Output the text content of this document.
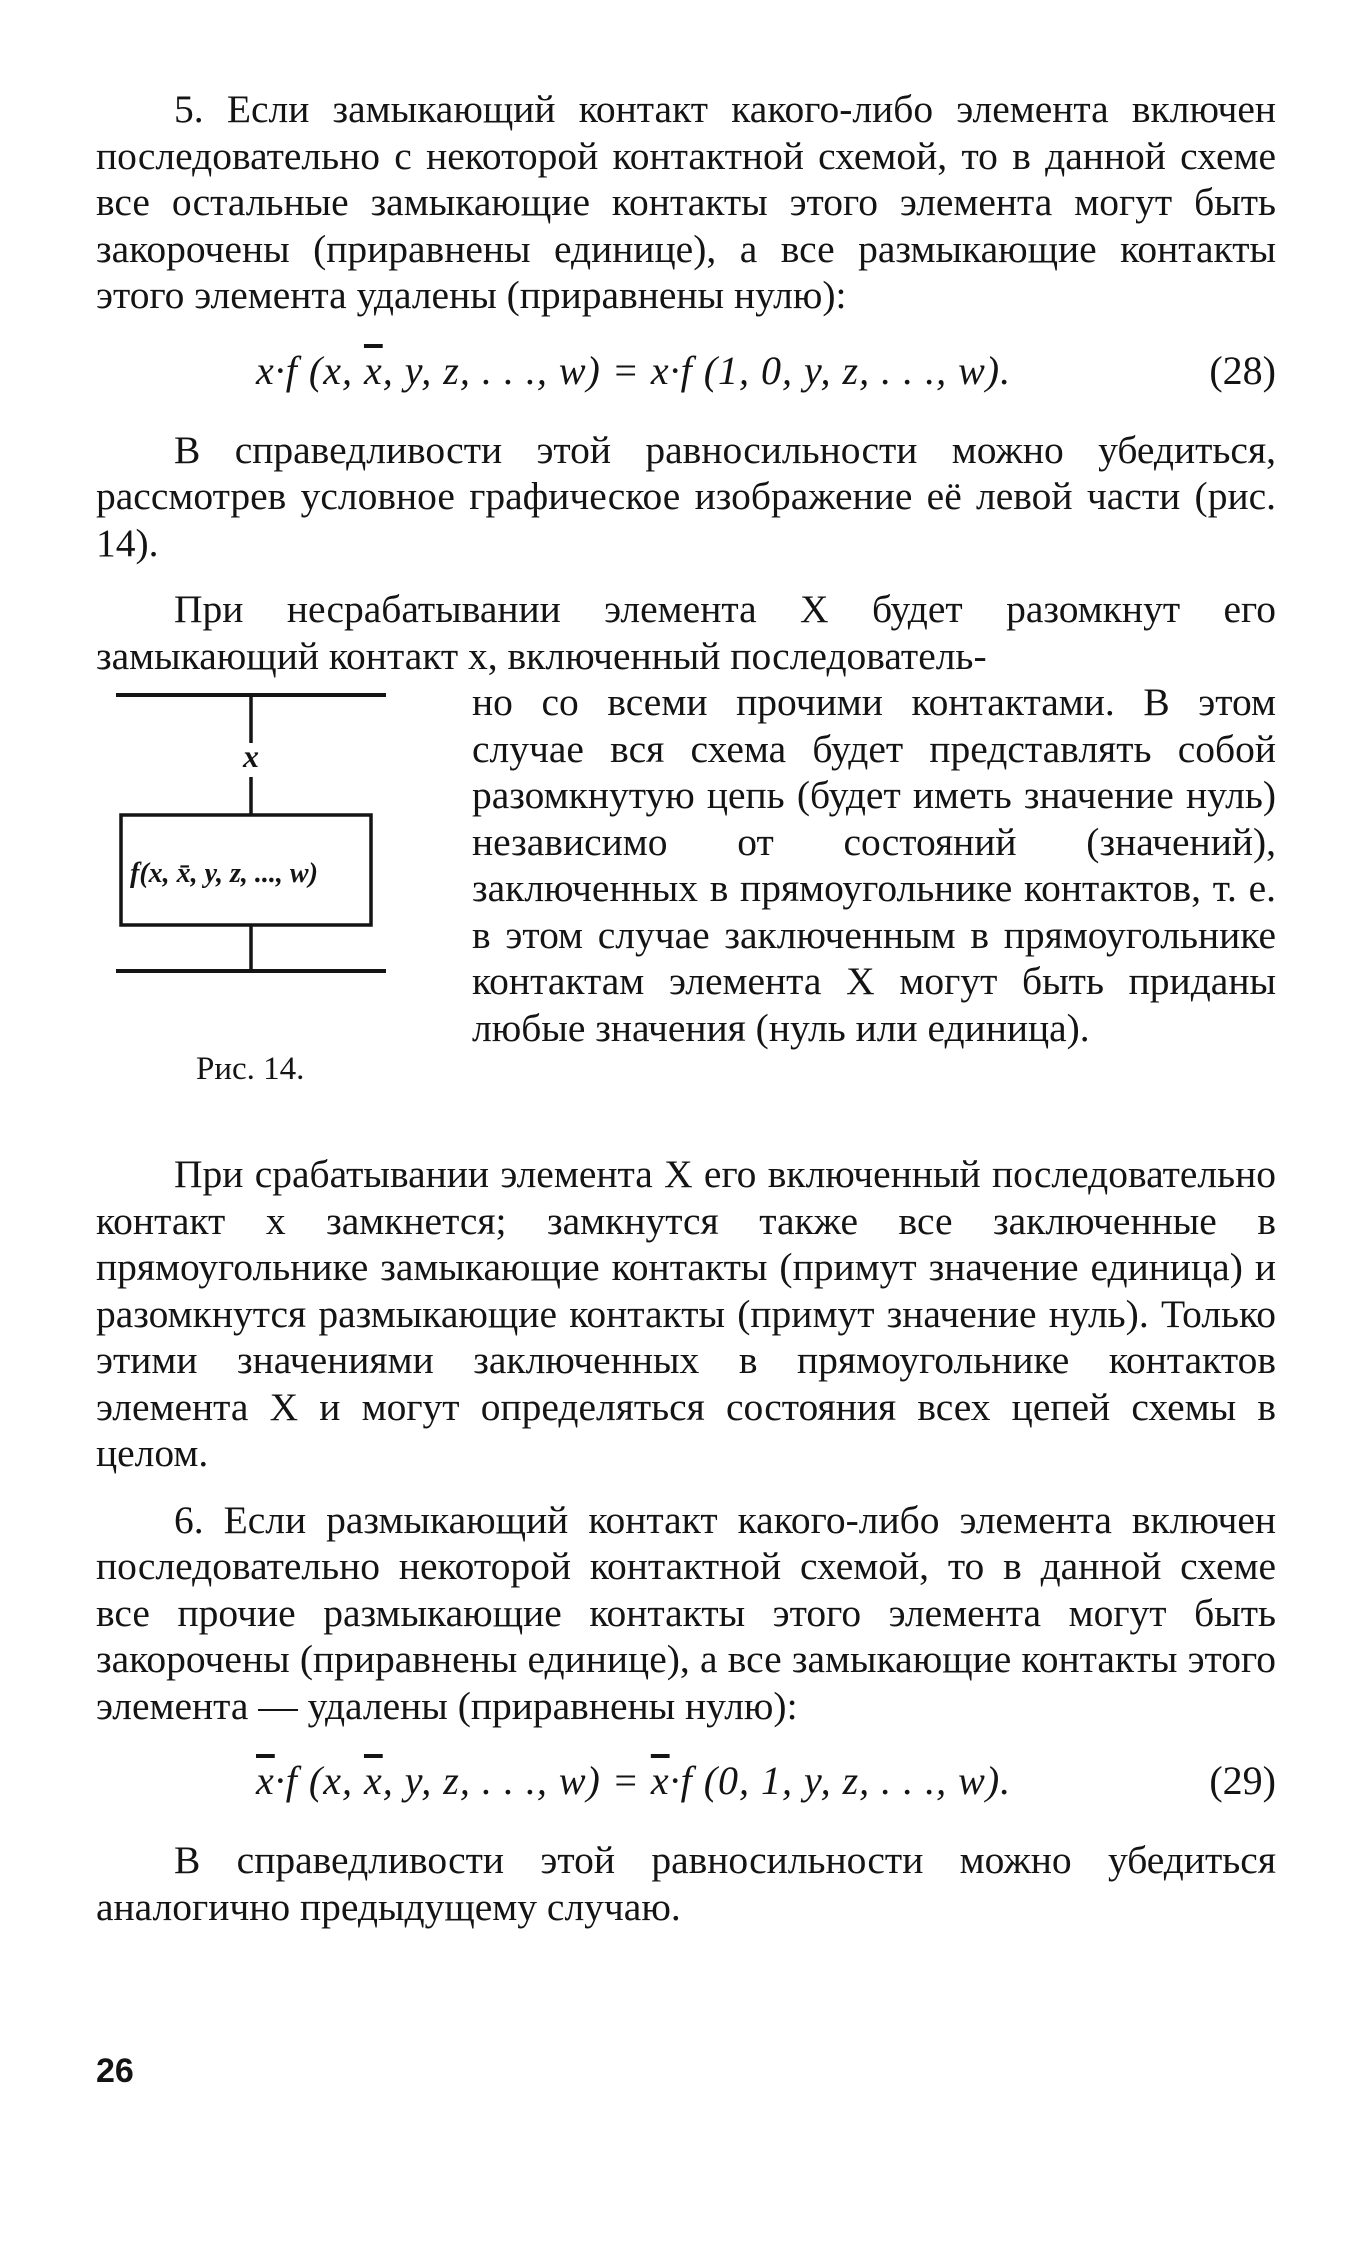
5. Если замыкающий контакт какого-либо элемента включен последовательно с некоторой контактной схемой, то в данной схеме все остальные замыкающие контакты этого элемента могут быть закорочены (приравнены единице), а все размыкающие контакты этого элемента удалены (приравнены нулю):

x·f (x, $\overline{x}$, y, z, . . ., w) = x·f (1, 0, y, z, . . ., w).	(28)

В справедливости этой равносильности можно убедиться, рассмотрев условное графическое изображение её левой части (рис. 14).

При несрабатывании элемента X будет разомкнут его замыкающий контакт x, включенный последователь-

x
f(x, x̄, y, z, ..., w)
Рис. 14.

но со всеми прочими контактами. В этом случае вся схема будет представлять собой разомкнутую цепь (будет иметь значение нуль) независимо от состояний (значений), заключенных в прямоугольнике контактов, т. е. в этом случае заключенным в прямоугольнике контактам элемента X могут быть приданы любые значения (нуль или единица).

При срабатывании элемента X его включенный последовательно контакт x замкнется; замкнутся также все заключенные в прямоугольнике замыкающие контакты (примут значение единица) и разомкнутся размыкающие контакты (примут значение нуль). Только этими значениями заключенных в прямоугольнике контактов элемента X и могут определяться состояния всех цепей схемы в целом.

6. Если размыкающий контакт какого-либо элемента включен последовательно некоторой контактной схемой, то в данной схеме все прочие размыкающие контакты этого элемента могут быть закорочены (приравнены единице), а все замыкающие контакты этого элемента — удалены (приравнены нулю):

$\overline{x}\cdot f$ (x, $\overline{x}$, y, z, . . ., $w) = \overline{x}\cdot f$ (0, 1, y, z, . . ., w).	(29)

В справедливости этой равносильности можно убедиться аналогично предыдущему случаю.

26
